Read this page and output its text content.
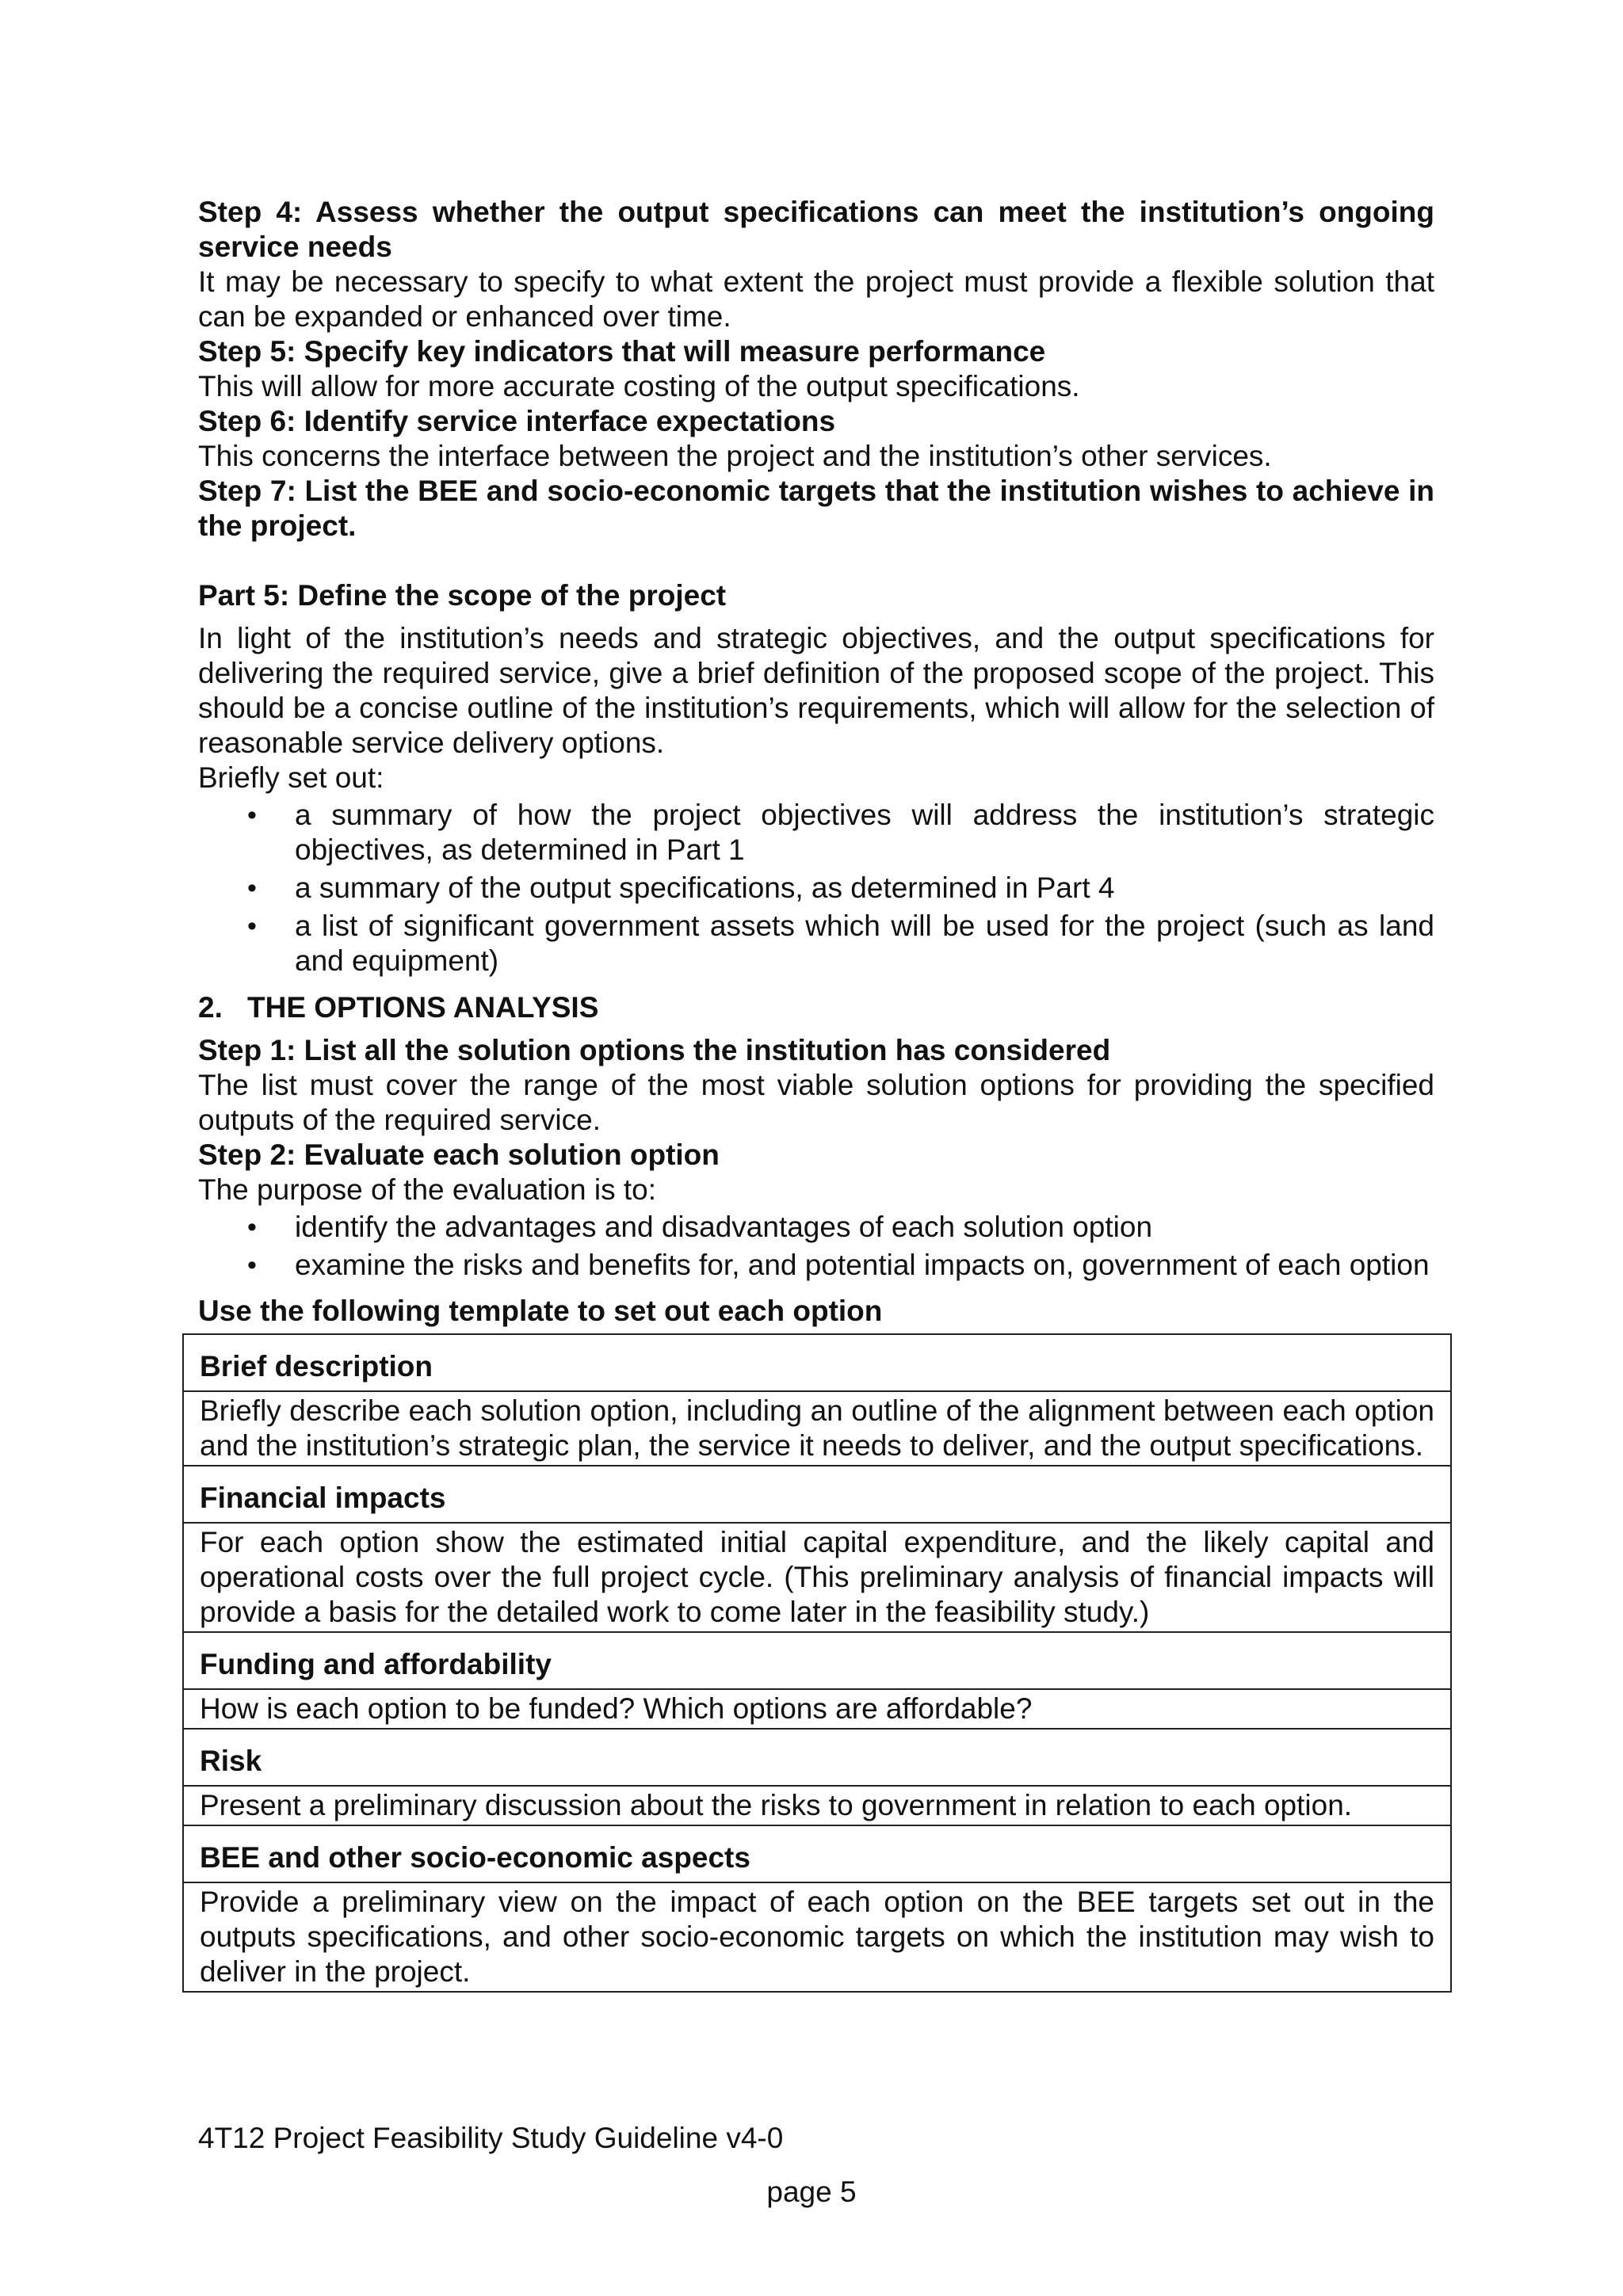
Step 4: Assess whether the output specifications can meet the institution’s ongoing service needs
It may be necessary to specify to what extent the project must provide a flexible solution that can be expanded or enhanced over time.
Step 5: Specify key indicators that will measure performance
This will allow for more accurate costing of the output specifications.
Step 6: Identify service interface expectations
This concerns the interface between the project and the institution’s other services.
Step 7: List the BEE and socio-economic targets that the institution wishes to achieve in the project.
Part 5: Define the scope of the project
In light of the institution’s needs and strategic objectives, and the output specifications for delivering the required service, give a brief definition of the proposed scope of the project. This should be a concise outline of the institution’s requirements, which will allow for the selection of reasonable service delivery options.
Briefly set out:
• a summary of how the project objectives will address the institution’s strategic objectives, as determined in Part 1
• a summary of the output specifications, as determined in Part 4
• a list of significant government assets which will be used for the project (such as land and equipment)
2. THE OPTIONS ANALYSIS
Step 1: List all the solution options the institution has considered
The list must cover the range of the most viable solution options for providing the specified outputs of the required service.
Step 2: Evaluate each solution option
The purpose of the evaluation is to:
• identify the advantages and disadvantages of each solution option
• examine the risks and benefits for, and potential impacts on, government of each option
Use the following template to set out each option
Brief description
Briefly describe each solution option, including an outline of the alignment between each option and the institution’s strategic plan, the service it needs to deliver, and the output specifications.
Financial impacts
For each option show the estimated initial capital expenditure, and the likely capital and operational costs over the full project cycle. (This preliminary analysis of financial impacts will provide a basis for the detailed work to come later in the feasibility study.)
Funding and affordability
How is each option to be funded? Which options are affordable?
Risk
Present a preliminary discussion about the risks to government in relation to each option.
BEE and other socio-economic aspects
Provide a preliminary view on the impact of each option on the BEE targets set out in the outputs specifications, and other socio-economic targets on which the institution may wish to deliver in the project.
4T12 Project Feasibility Study Guideline v4-0
page 5
